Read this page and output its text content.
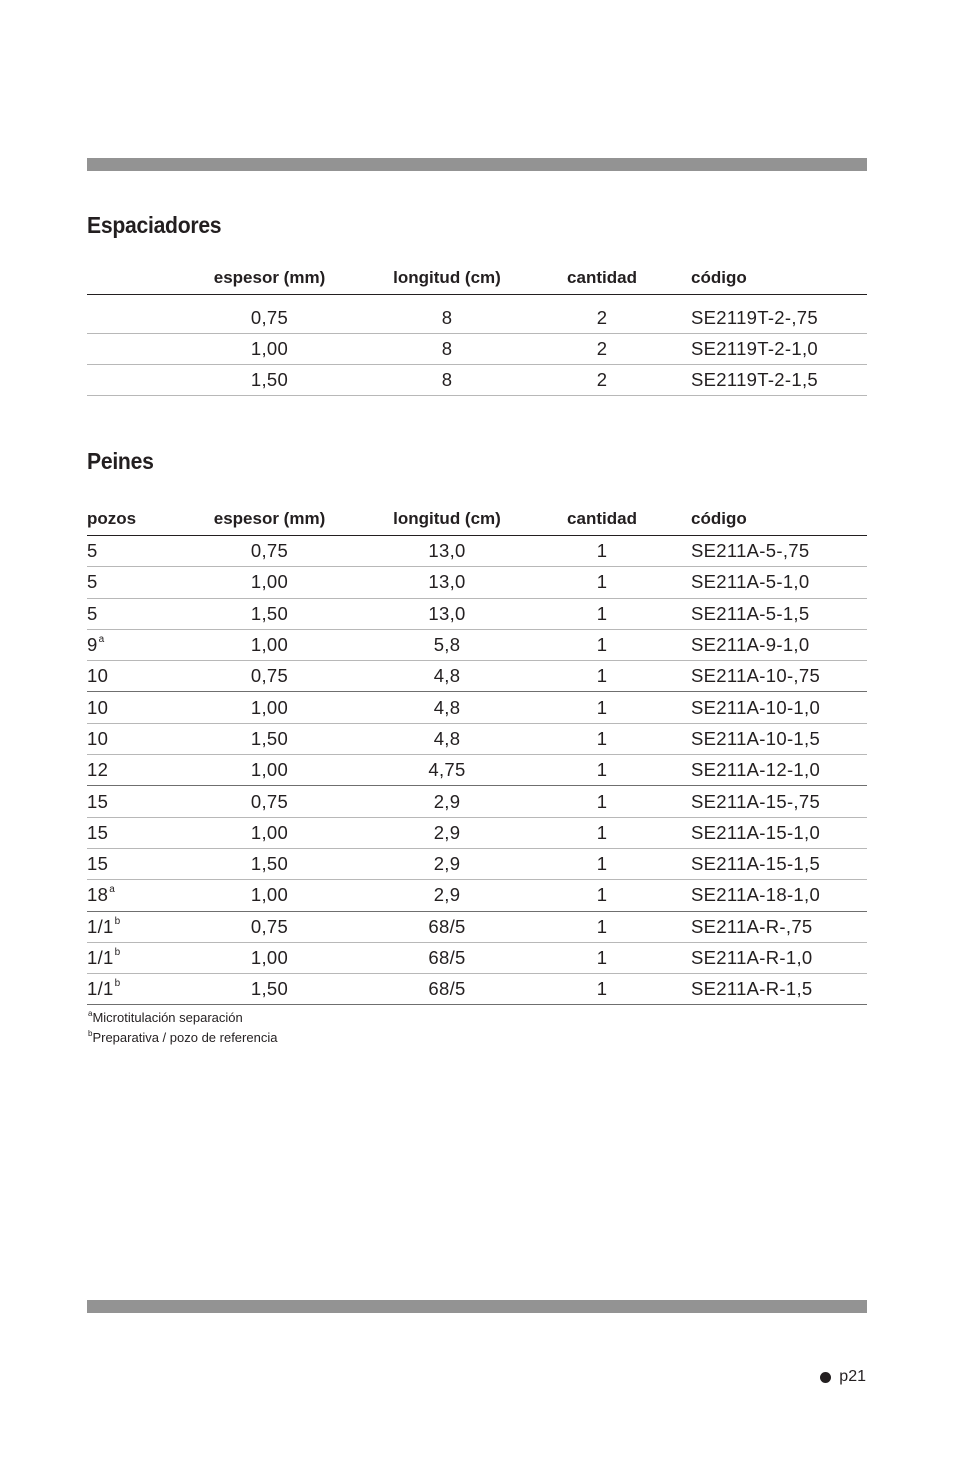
Espaciadores
	espesor (mm)	longitud (cm)	cantidad	código
	0,75	8	2	SE2119T-2-,75
	1,00	8	2	SE2119T-2-1,0
	1,50	8	2	SE2119T-2-1,5
Peines
pozos	espesor (mm)	longitud (cm)	cantidad	código
5	0,75	13,0	1	SE211A-5-,75
5	1,00	13,0	1	SE211A-5-1,0
5	1,50	13,0	1	SE211A-5-1,5
9$^a$	1,00	5,8	1	SE211A-9-1,0
10	0,75	4,8	1	SE211A-10-,75
10	1,00	4,8	1	SE211A-10-1,0
10	1,50	4,8	1	SE211A-10-1,5
12	1,00	4,75	1	SE211A-12-1,0
15	0,75	2,9	1	SE211A-15-,75
15	1,00	2,9	1	SE211A-15-1,0
15	1,50	2,9	1	SE211A-15-1,5
18$^a$	1,00	2,9	1	SE211A-18-1,0
1/1$^b$	0,75	68/5	1	SE211A-R-,75
1/1$^b$	1,00	68/5	1	SE211A-R-1,0
1/1$^b$	1,50	68/5	1	SE211A-R-1,5
$^a$Microtitulación separación
$^b$Preparativa / pozo de referencia
p21
